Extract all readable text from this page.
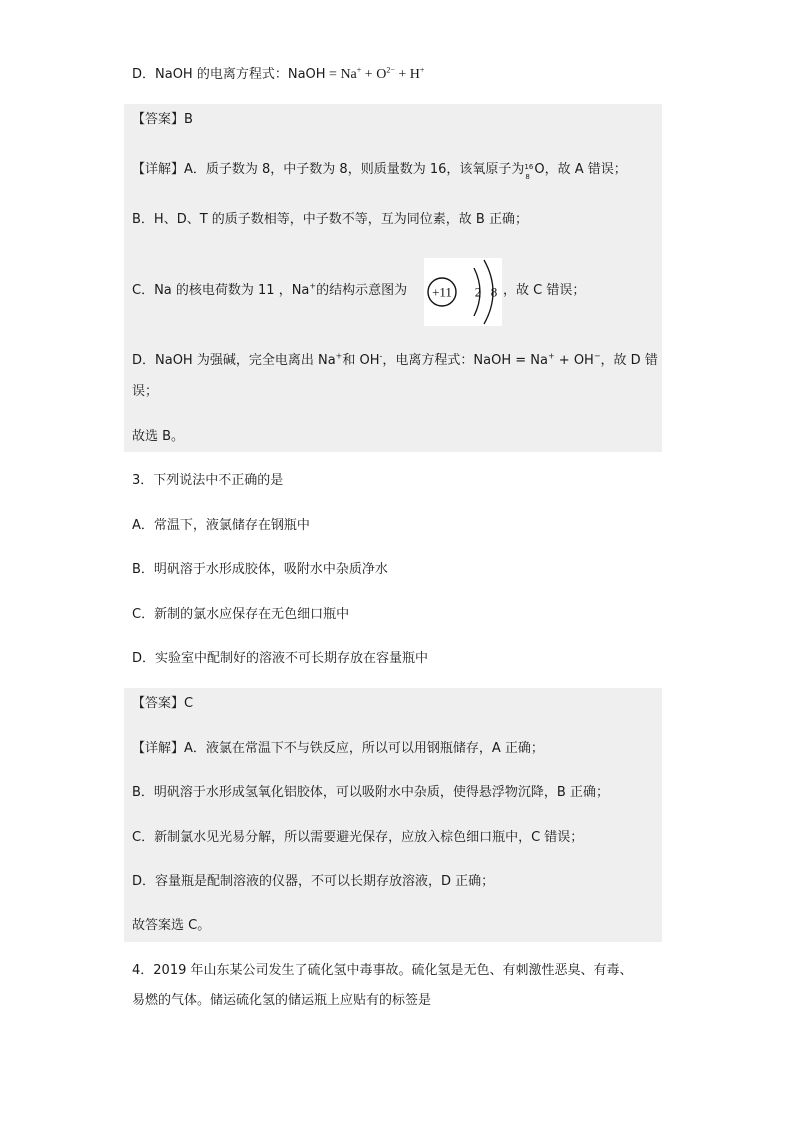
D．NaOH 的电离方程式：NaOH = $Na^+ + O^{2-} + H^+$
【答案】B
【详解】A．质子数为 8，中子数为 8，则质量数为 16，该氧原子为 16
8 O，故 A 错误；
B．H、D、T 的质子数相等，中子数不等，互为同位素，故 B 正确；
C．Na 的核电荷数为 11 ，Na+的结构示意图为	，故 C 错误；
+11 2 8
D．NaOH 为强碱，完全电离出 Na+和 OH-，电离方程式：NaOH = Na+ + OH−，故 D 错
误；
故选 B。
3．下列说法中不正确的是
A．常温下，液氯储存在钢瓶中
B．明矾溶于水形成胶体，吸附水中杂质净水
C．新制的氯水应保存在无色细口瓶中
D．实验室中配制好的溶液不可长期存放在容量瓶中
【答案】C
【详解】A．液氯在常温下不与铁反应，所以可以用钢瓶储存，A 正确；
B．明矾溶于水形成氢氧化铝胶体，可以吸附水中杂质，使得悬浮物沉降，B 正确；
C．新制氯水见光易分解，所以需要避光保存，应放入棕色细口瓶中，C 错误；
D．容量瓶是配制溶液的仪器，不可以长期存放溶液，D 正确；
故答案选 C。
4．2019 年山东某公司发生了硫化氢中毒事故。硫化氢是无色、有刺激性恶臭、有毒、
易燃的气体。储运硫化氢的储运瓶上应贴有的标签是
